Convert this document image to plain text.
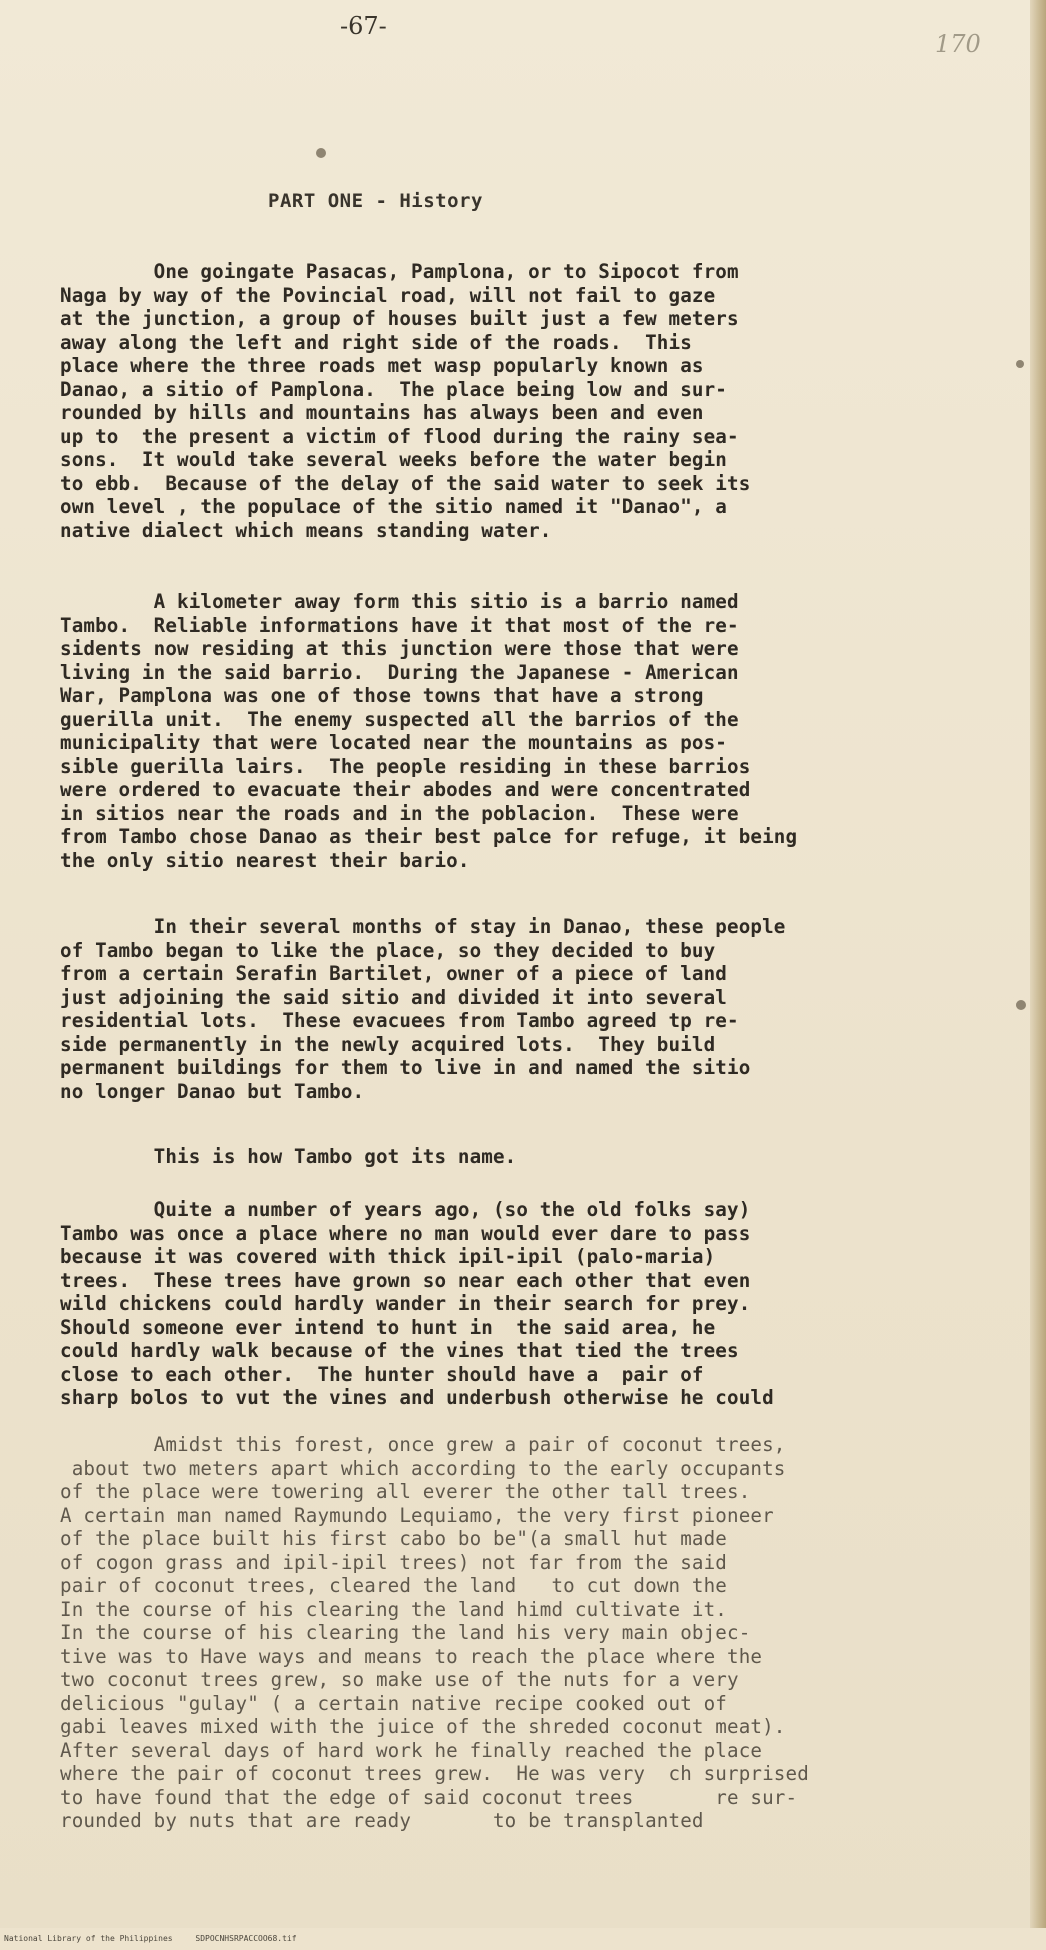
-67-
170
PART ONE - History
One goingate Pasacas, Pamplona, or to Sipocot from
Naga by way of the Povincial road, will not fail to gaze
at the junction, a group of houses built just a few meters
away along the left and right side of the roads.  This
place where the three roads met wasp popularly known as
Danao, a sitio of Pamplona.  The place being low and sur-
rounded by hills and mountains has always been and even
up to  the present a victim of flood during the rainy sea-
sons.  It would take several weeks before the water begin
to ebb.  Because of the delay of the said water to seek its
own level , the populace of the sitio named it "Danao", a
native dialect which means standing water.
A kilometer away form this sitio is a barrio named
Tambo.  Reliable informations have it that most of the re-
sidents now residing at this junction were those that were
living in the said barrio.  During the Japanese - American
War, Pamplona was one of those towns that have a strong
guerilla unit.  The enemy suspected all the barrios of the
municipality that were located near the mountains as pos-
sible guerilla lairs.  The people residing in these barrios
were ordered to evacuate their abodes and were concentrated
in sitios near the roads and in the poblacion.  These were
from Tambo chose Danao as their best palce for refuge, it being
the only sitio nearest their bario.
In their several months of stay in Danao, these people
of Tambo began to like the place, so they decided to buy
from a certain Serafin Bartilet, owner of a piece of land
just adjoining the said sitio and divided it into several
residential lots.  These evacuees from Tambo agreed tp re-
side permanently in the newly acquired lots.  They build
permanent buildings for them to live in and named the sitio
no longer Danao but Tambo.
This is how Tambo got its name.
Quite a number of years ago, (so the old folks say)
Tambo was once a place where no man would ever dare to pass
because it was covered with thick ipil-ipil (palo-maria)
trees.  These trees have grown so near each other that even
wild chickens could hardly wander in their search for prey.
Should someone ever intend to hunt in  the said area, he
could hardly walk because of the vines that tied the trees
close to each other.  The hunter should have a  pair of
sharp bolos to vut the vines and underbush otherwise he could
Amidst this forest, once grew a pair of coconut trees,
about two meters apart which according to the early occupants
of the place were towering all everer the other tall trees.
A certain man named Raymundo Lequiamo, the very first pioneer
of the place built his first cabo bo be"(a small hut made
of cogon grass and ipil-ipil trees) not far from the said
pair of coconut trees, cleared the land   to cut down the
In the course of his clearing the land himd cultivate it.
In the course of his clearing the land his very main objec-
tive was to Have ways and means to reach the place where the
two coconut trees grew, so make use of the nuts for a very
delicious "gulay" ( a certain native recipe cooked out of
gabi leaves mixed with the juice of the shreded coconut meat).
After several days of hard work he finally reached the place
where the pair of coconut trees grew.  He was very  ch surprised
to have found that the edge of said coconut trees       re sur-
rounded by nuts that are ready       to be transplanted
National Library of the Philippines	SDPOCNHSRPACCOO68.tif
